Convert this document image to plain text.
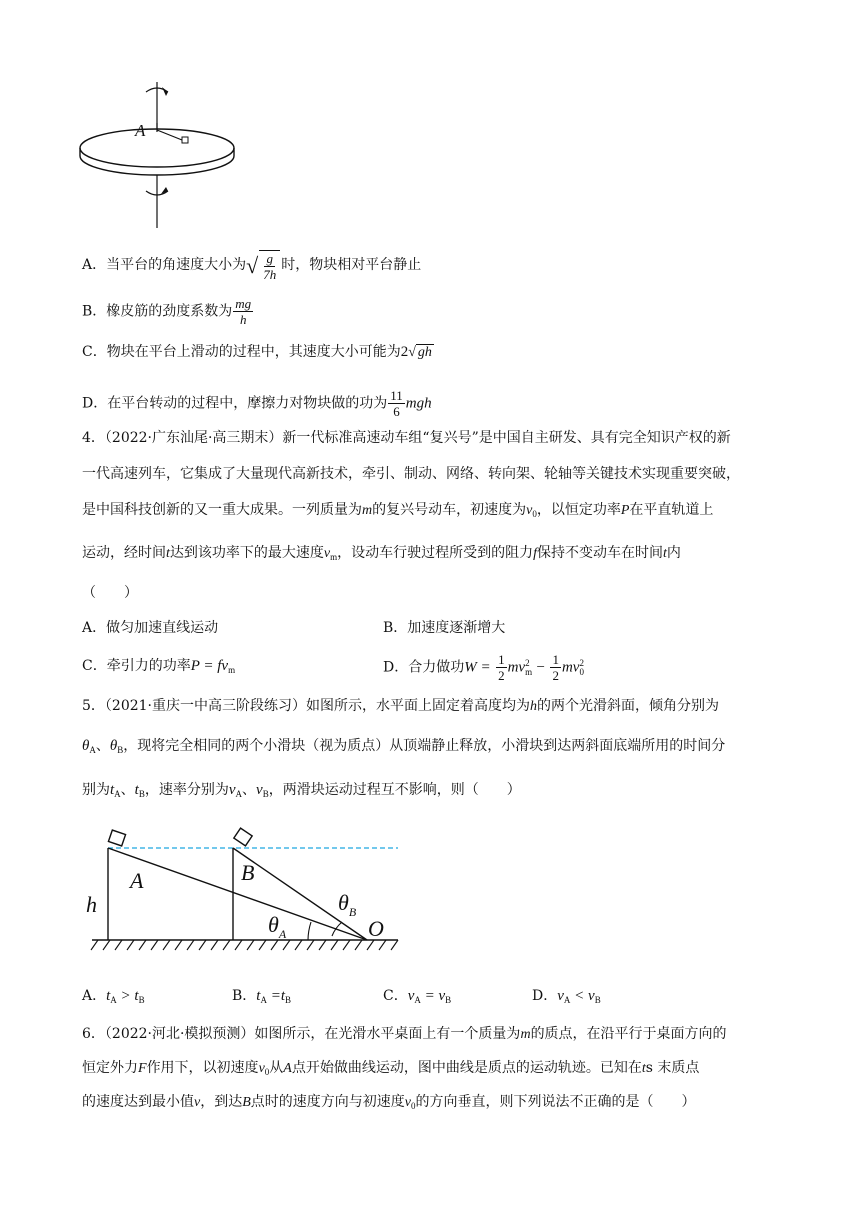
A
A．当平台的角速度大小为√ $\frac{g}{7h}$ 时，物块相对平台静止
B．橡皮筋的劲度系数为 $\frac{mg}{h}$
C．物块在平台上滑动的过程中，其速度大小可能为2√ gh
D．在平台转动的过程中，摩擦力对物块做的功为 $\frac{11}{6}$ mgh
4．（2022·广东汕尾·高三期末）新一代标准高速动车组“复兴号”是中国自主研发、具有完全知识产权的新
一代高速列车，它集成了大量现代高新技术，牵引、制动、网络、转向架、轮轴等关键技术实现重要突破，
是中国科技创新的又一重大成果。一列质量为m的复兴号动车，初速度为$v_0$，以恒定功率P在平直轨道上
运动，经时间t达到该功率下的最大速度$v_m$，设动车行驶过程所受到的阻力f保持不变动车在时间t内
（　　）
A．做匀加速直线运动	B．加速度逐渐增大
C．牵引力的功率$P = fv_m$	D．合力做功$W = \frac{1}{2}$ mv 2
$m - \frac{1}{2}$ mv 2
0
5．（2021·重庆一中高三阶段练习）如图所示，水平面上固定着高度均为h的两个光滑斜面，倾角分别为
$\theta_A$、$\theta_B$，现将完全相同的两个小滑块（视为质点）从顶端静止释放，小滑块到达两斜面底端所用的时间分
别为$t_A$、$t_B$，速率分别为$v_A$、$v_B$，两滑块运动过程互不影响，则（　　）
h
A	B
O
$\theta_A$
$\theta_B$
A．$t_A > t_B$	B．$t_A =t_B$	C．$v_A = v_B$	D．$v_A < v_B$
6．（2022·河北·模拟预测）如图所示，在光滑水平桌面上有一个质量为m的质点，在沿平行于桌面方向的
恒定外力F作用下，以初速度$v_0$从A点开始做曲线运动，图中曲线是质点的运动轨迹。已知在ts 末质点
的速度达到最小值v，到达B点时的速度方向与初速度$v_0$的方向垂直，则下列说法不正确的是（　　）
